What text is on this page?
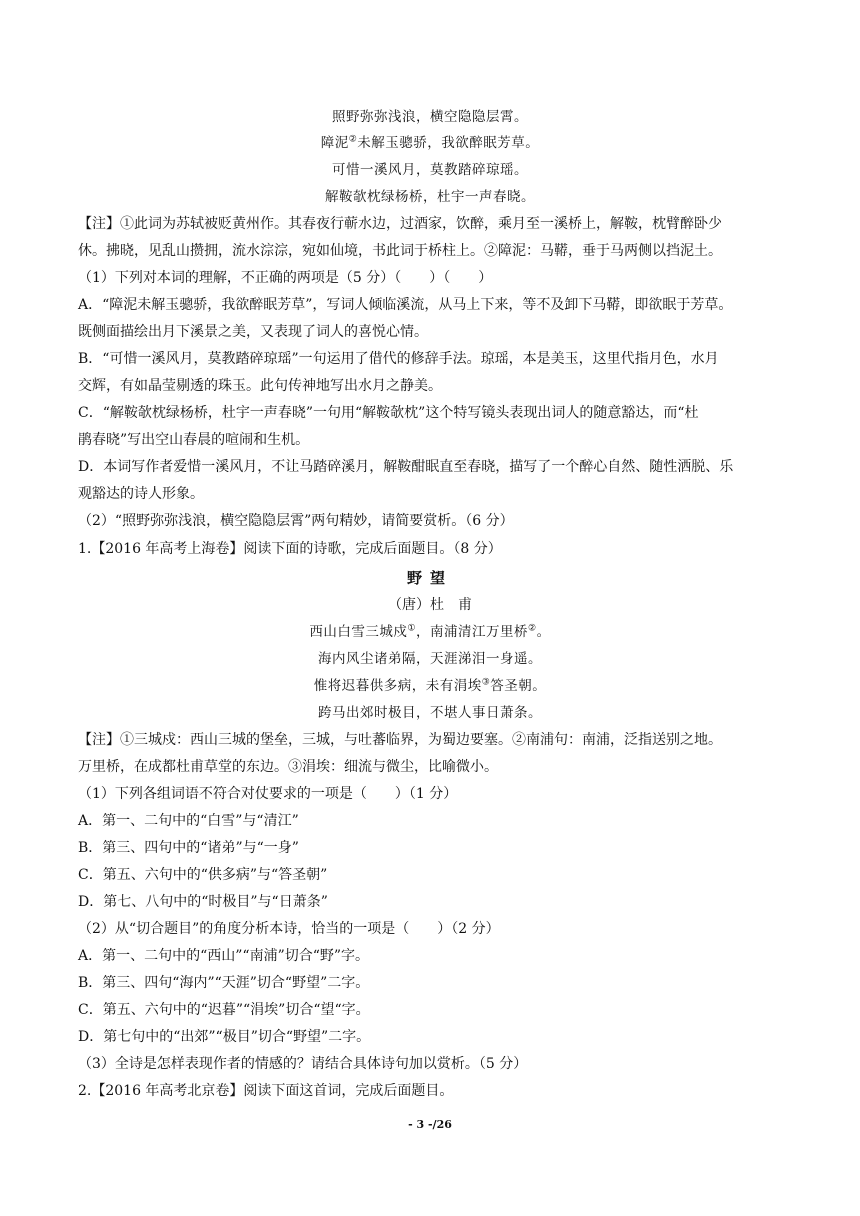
照野弥弥浅浪，横空隐隐层霄。
障泥②未解玉骢骄，我欲醉眠芳草。
可惜一溪风月，莫教踏碎琼瑶。
解鞍欹枕绿杨桥，杜宇一声春晓。
【注】①此词为苏轼被贬黄州作。其春夜行蕲水边，过酒家，饮醉，乘月至一溪桥上，解鞍，枕臂醉卧少
休。拂晓，见乱山攒拥，流水淙淙，宛如仙境，书此词于桥柱上。②障泥：马鞯，垂于马两侧以挡泥土。
（1）下列对本词的理解，不正确的两项是（5 分）（　　）（　　）
A．“障泥未解玉骢骄，我欲醉眠芳草”，写词人倾临溪流，从马上下来，等不及卸下马鞯，即欲眠于芳草。
既侧面描绘出月下溪景之美，又表现了词人的喜悦心情。
B．“可惜一溪风月，莫教踏碎琼瑶”一句运用了借代的修辞手法。琼瑶，本是美玉，这里代指月色，水月
交辉，有如晶莹剔透的珠玉。此句传神地写出水月之静美。
C．“解鞍欹枕绿杨桥，杜宇一声春晓”一句用“解鞍欹枕”这个特写镜头表现出词人的随意豁达，而“杜
鹃春晓”写出空山春晨的喧闹和生机。
D．本词写作者爱惜一溪风月，不让马踏碎溪月，解鞍酣眠直至春晓，描写了一个醉心自然、随性洒脱、乐
观豁达的诗人形象。
（2）“照野弥弥浅浪，横空隐隐层霄”两句精妙，请简要赏析。（6 分）
1.【2016 年高考上海卷】阅读下面的诗歌，完成后面题目。（8 分）
野望
（唐）杜　甫
西山白雪三城戍①，南浦清江万里桥②。
海内风尘诸弟隔，天涯涕泪一身遥。
惟将迟暮供多病，未有涓埃③答圣朝。
跨马出郊时极目，不堪人事日萧条。
【注】①三城戍：西山三城的堡垒，三城，与吐蕃临界，为蜀边要塞。②南浦句：南浦，泛指送别之地。
万里桥，在成都杜甫草堂的东边。③涓埃：细流与微尘，比喻微小。
（1）下列各组词语不符合对仗要求的一项是（　　）（1 分）
A．第一、二句中的“白雪”与“清江”
B．第三、四句中的“诸弟”与“一身”
C．第五、六句中的“供多病”与“答圣朝”
D．第七、八句中的“时极目”与“日萧条”
（2）从“切合题目”的角度分析本诗，恰当的一项是（　　）（2 分）
A．第一、二句中的“西山”“南浦”切合“野”字。
B．第三、四句“海内”“天涯”切合“野望”二字。
C．第五、六句中的“迟暮”“涓埃”切合“望“字。
D．第七句中的“出郊”“极目”切合“野望”二字。
（3）全诗是怎样表现作者的情感的？请结合具体诗句加以赏析。（5 分）
2.【2016 年高考北京卷】阅读下面这首词，完成后面题目。
- 3 -/26
